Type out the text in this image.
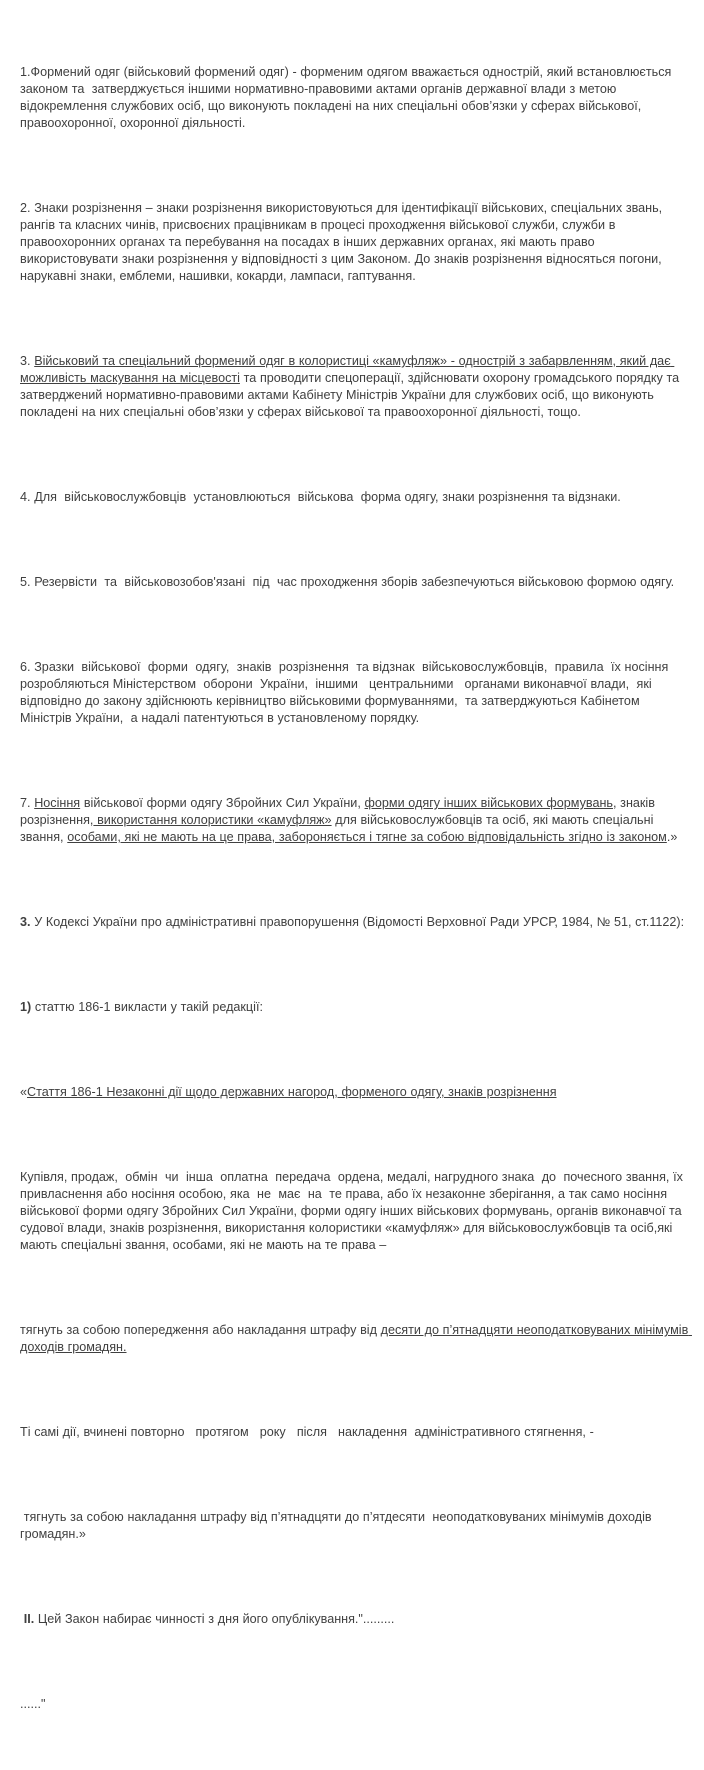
1.Формений одяг (військовий формений одяг) - форменим одягом вважається однострій, який встановлюється законом та  затверджується іншими нормативно-правовими актами органів державної влади з метою відокремлення службових осіб, що виконують покладені на них спеціальні обов’язки у сферах військової, правоохоронної, охоронної діяльності.

2. Знаки розрізнення – знаки розрізнення використовуються для ідентифікації військових, спеціальних звань, рангів та класних чинів, присвоєних працівникам в процесі проходження військової служби, служби в правоохоронних органах та перебування на посадах в інших державних органах, які мають право використовувати знаки розрізнення у відповідності з цим Законом. До знаків розрізнення відносяться погони, нарукавні знаки, емблеми, нашивки, кокарди, лампаси, гаптування.

3. Військовий та спеціальний формений одяг в колористиці «камуфляж» - однострій з забарвленням, який дає можливість маскування на місцевості та проводити спецоперації, здійснювати охорону громадського порядку та затверджений нормативно-правовими актами Кабінету Міністрів України для службових осіб, що виконують покладені на них спеціальні обов’язки у сферах військової та правоохоронної діяльності, тощо.

4. Для  військовослужбовців  установлюються  військова  форма одягу, знаки розрізнення та відзнаки.

5. Резервісти  та  військовозобов'язані  під  час проходження зборів забезпечуються військовою формою одягу.

6. Зразки  військової  форми  одягу,  знаків  розрізнення  та відзнак  військовослужбовців,  правила  їх носіння  розробляються Міністерством  оборони  України,  іншими   центральними   органами виконавчої влади,  які відповідно до закону здійснюють керівництво військовими формуваннями,  та затверджуються Кабінетом  Міністрів України,  а надалі патентуються в установленому порядку.

7. Носіння військової форми одягу Збройних Сил України, форми одягу інших військових формувань, знаків розрізнення, використання колористики «камуфляж» для військовослужбовців та осіб, які мають спеціальні звання, особами, які не мають на це права, забороняється і тягне за собою відповідальність згідно із законом.»

3. У Кодексі України про адміністративні правопорушення (Відомості Верховної Ради УРСР, 1984, № 51, ст.1122):

1) статтю 186-1 викласти у такій редакції:

«Стаття 186-1 Незаконні дії щодо державних нагород, форменого одягу, знаків розрізнення

Купівля, продаж,  обмін  чи  інша  оплатна  передача  ордена, медалі, нагрудного знака  до  почесного звання, їх привласнення або носіння особою, яка  не  має  на  те права, або їх незаконне зберігання, а так само носіння військової форми одягу Збройних Сил України, форми одягу інших військових формувань, органів виконавчої та судової влади, знаків розрізнення, використання колористики «камуфляж» для військовослужбовців та осіб,які мають спеціальні звання, особами, які не мають на те права –

тягнуть за собою попередження або накладання штрафу від десяти до п’ятнадцяти неоподатковуваних мінімумів доходів громадян.

Ті самі дії, вчинені повторно   протягом   року   після   накладення  адміністративного стягнення, -

тягнуть за собою накладання штрафу від п’ятнадцяти до п’ятдесяти  неоподатковуваних мінімумів доходів громадян.»

II. Цей Закон набирає чинності з дня його опублікування.".........

......"
